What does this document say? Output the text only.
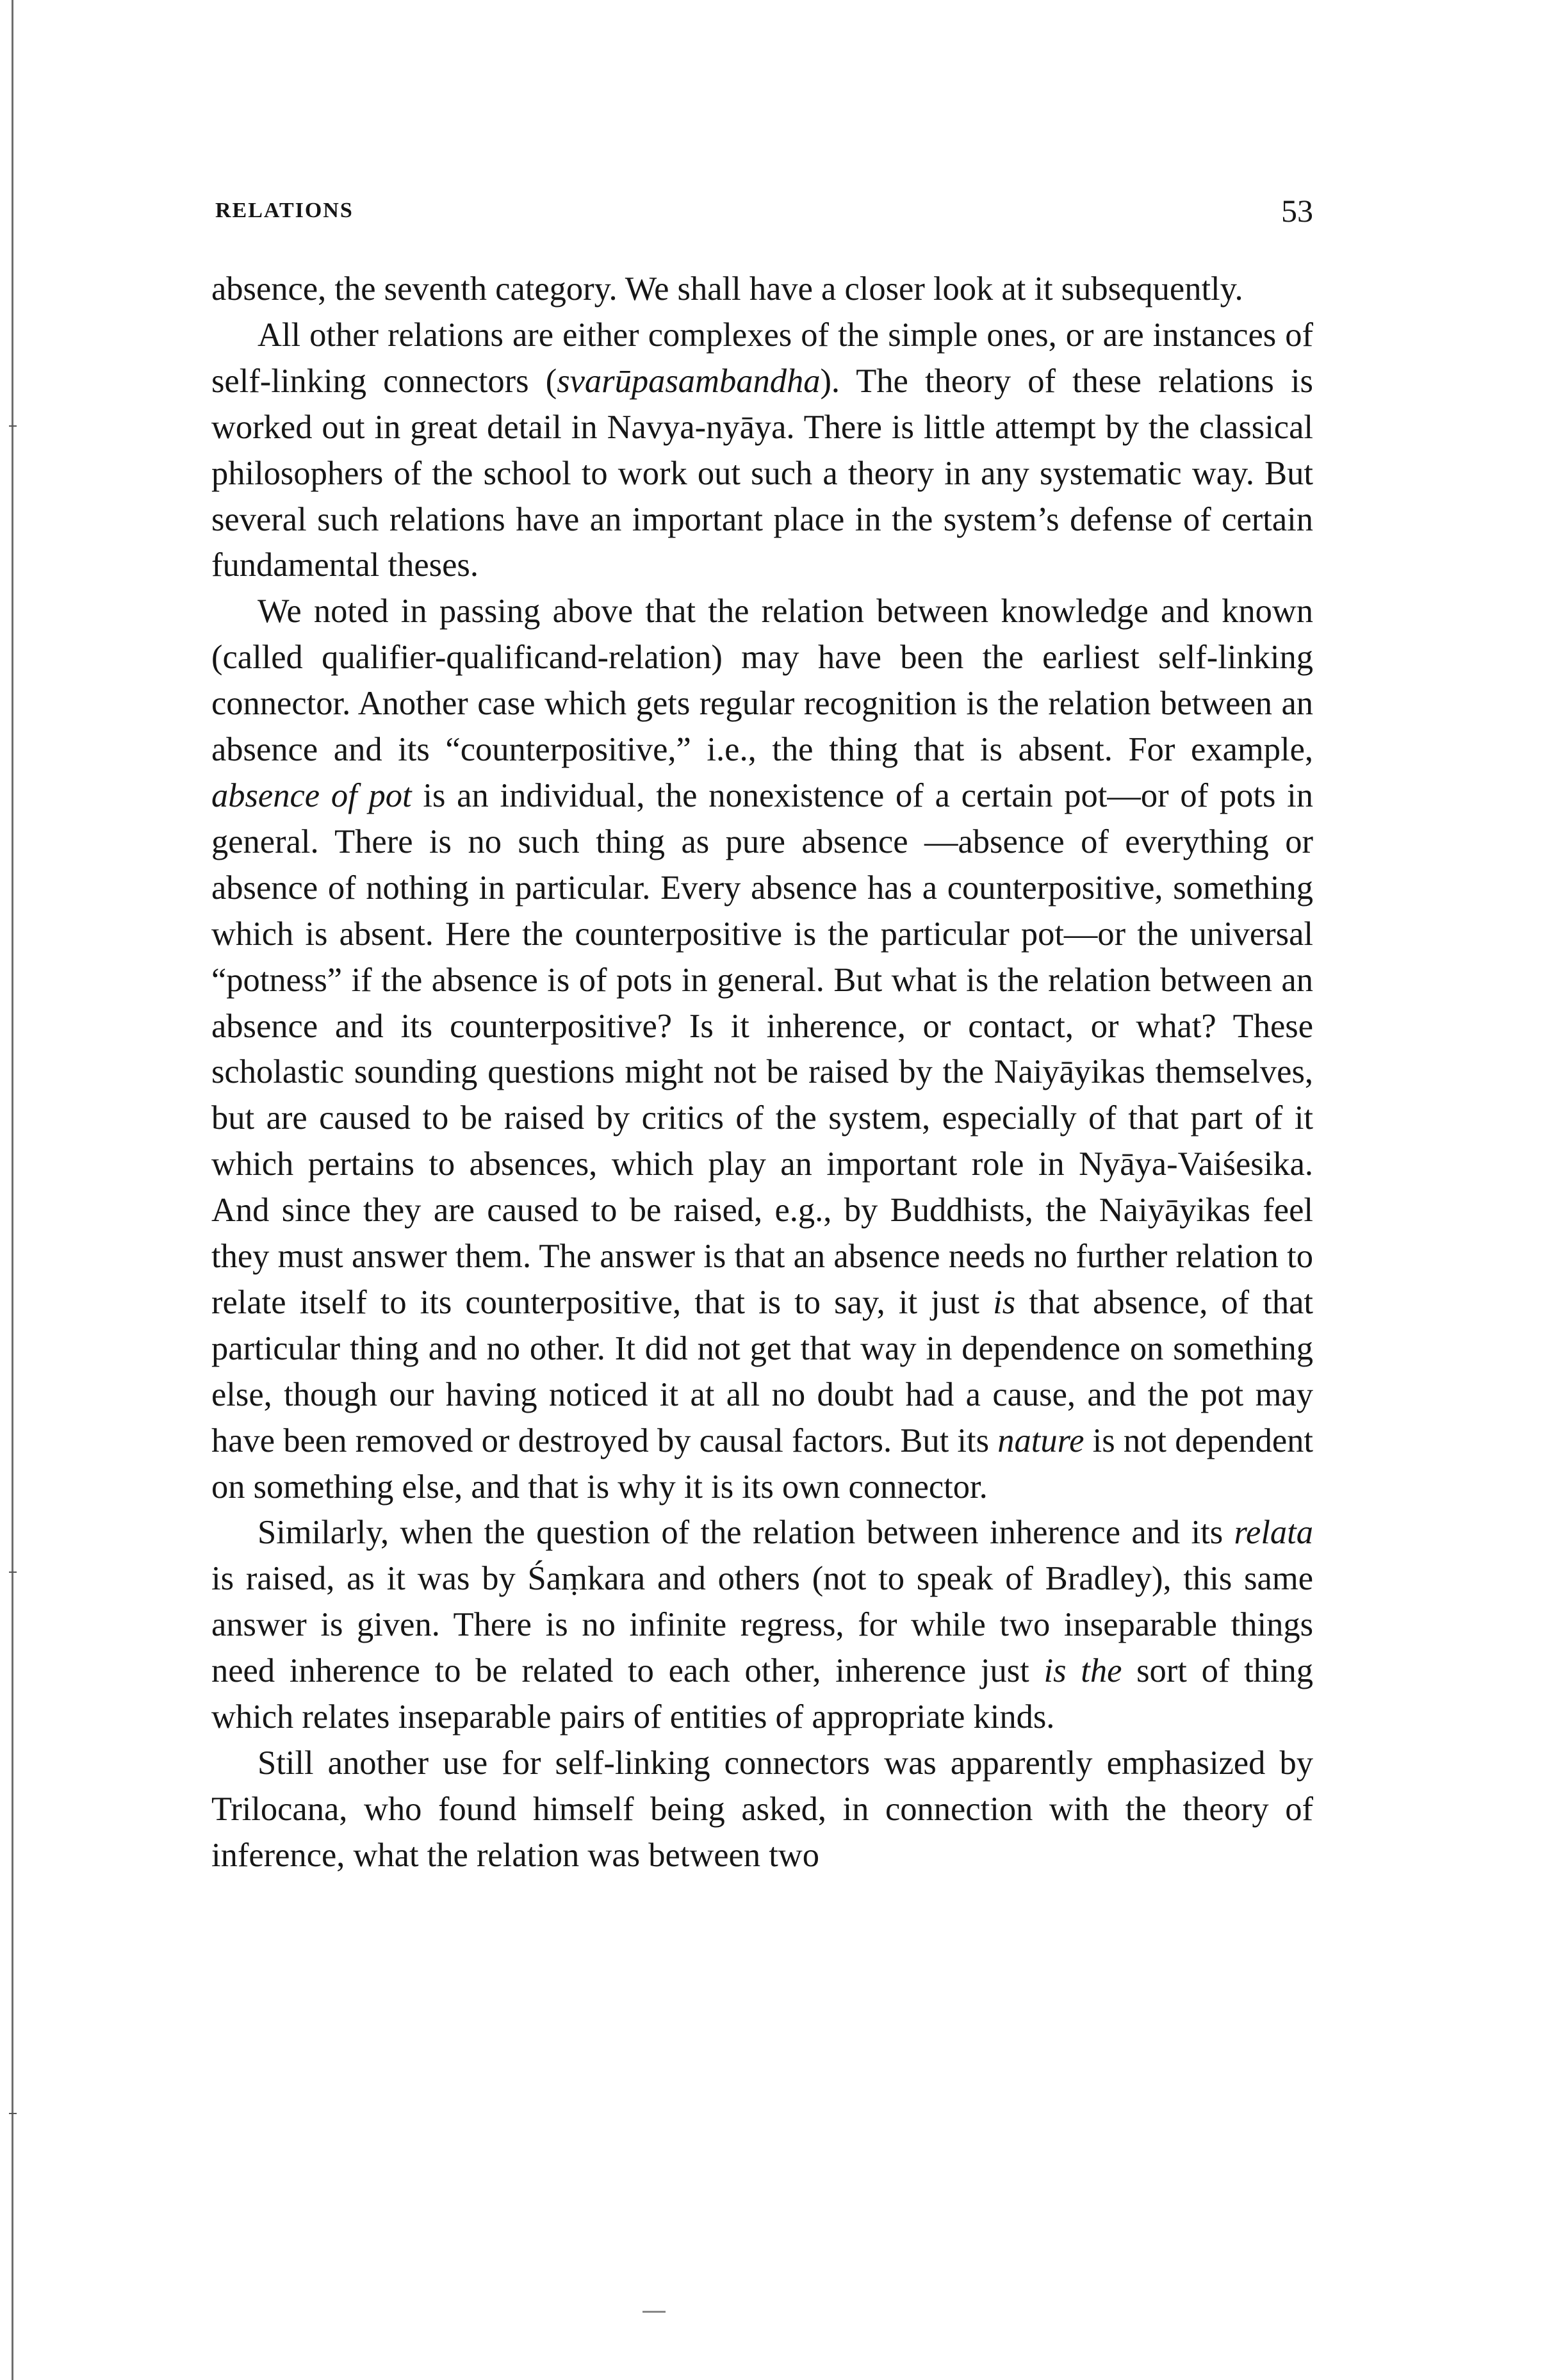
RELATIONS	53

absence, the seventh category. We shall have a closer look at it subsequently.

All other relations are either complexes of the simple ones, or are instances of self-linking connectors (svarūpasambandha). The theory of these relations is worked out in great detail in Navya-nyāya. There is little attempt by the classical philosophers of the school to work out such a theory in any systematic way. But several such relations have an important place in the system’s defense of certain fundamental theses.

We noted in passing above that the relation between knowledge and known (called qualifier-qualificand-relation) may have been the earliest self-linking connector. Another case which gets regular recognition is the relation between an absence and its “counterpositive,” i.e., the thing that is absent. For example, absence of pot is an individual, the nonexistence of a certain pot—or of pots in general. There is no such thing as pure absence —absence of everything or absence of nothing in particular. Every absence has a counterpositive, something which is absent. Here the counterpositive is the particular pot—or the universal “potness” if the absence is of pots in general. But what is the relation between an absence and its counterpositive? Is it inherence, or contact, or what? These scholastic sounding questions might not be raised by the Naiyāyikas themselves, but are caused to be raised by critics of the system, especially of that part of it which pertains to absences, which play an important role in Nyāya-Vaiśesika. And since they are caused to be raised, e.g., by Buddhists, the Naiyāyikas feel they must answer them. The answer is that an absence needs no further relation to relate itself to its counterpositive, that is to say, it just is that absence, of that particular thing and no other. It did not get that way in dependence on something else, though our having noticed it at all no doubt had a cause, and the pot may have been removed or destroyed by causal factors. But its nature is not dependent on something else, and that is why it is its own connector.

Similarly, when the question of the relation between inherence and its relata is raised, as it was by Śaṃkara and others (not to speak of Bradley), this same answer is given. There is no infinite regress, for while two inseparable things need inherence to be related to each other, inherence just is the sort of thing which relates inseparable pairs of entities of appropriate kinds.

Still another use for self-linking connectors was apparently emphasized by Trilocana, who found himself being asked, in connection with the theory of inference, what the relation was between two
